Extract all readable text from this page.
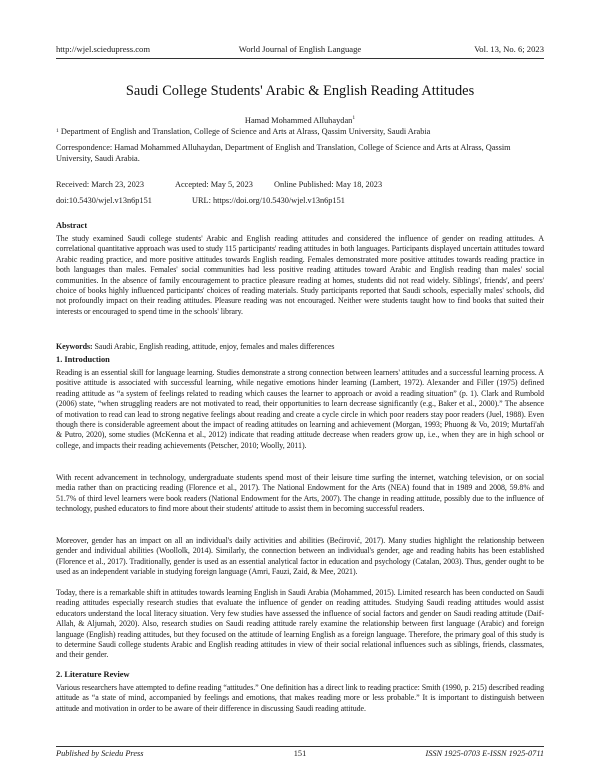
http://wjel.sciedupress.com	World Journal of English Language	Vol. 13, No. 6; 2023
Saudi College Students' Arabic & English Reading Attitudes
Hamad Mohammed Alluhaydan$^1$
$^1$ Department of English and Translation, College of Science and Arts at Alrass, Qassim University, Saudi Arabia
Correspondence: Hamad Mohammed Alluhaydan, Department of English and Translation, College of Science and Arts at Alrass, Qassim University, Saudi Arabia.
Received: March 23, 2023	Accepted: May 5, 2023	Online Published: May 18, 2023
doi:10.5430/wjel.v13n6p151	URL: https://doi.org/10.5430/wjel.v13n6p151
Abstract
The study examined Saudi college students' Arabic and English reading attitudes and considered the influence of gender on reading attitudes. A correlational quantitative approach was used to study 115 participants' reading attitudes in both languages. Participants displayed uncertain attitudes toward Arabic reading practice, and more positive attitudes towards English reading. Females demonstrated more positive attitudes towards reading practice in both languages than males. Females' social communities had less positive reading attitudes toward Arabic and English reading than males' social communities. In the absence of family encouragement to practice pleasure reading at homes, students did not read widely. Siblings', friends', and peers' choice of books highly influenced participants' choices of reading materials. Study participants reported that Saudi schools, especially males' schools, did not profoundly impact on their reading attitudes. Pleasure reading was not encouraged. Neither were students taught how to find books that suited their interests or encouraged to spend time in the schools' library.
Keywords: Saudi Arabic, English reading, attitude, enjoy, females and males differences
1. Introduction
Reading is an essential skill for language learning. Studies demonstrate a strong connection between learners' attitudes and a successful learning process. A positive attitude is associated with successful learning, while negative emotions hinder learning (Lambert, 1972). Alexander and Filler (1975) defined reading attitude as “a system of feelings related to reading which causes the learner to approach or avoid a reading situation” (p. 1). Clark and Rumbold (2006) state, “when struggling readers are not motivated to read, their opportunities to learn decrease significantly (e.g., Baker et al., 2000).” The absence of motivation to read can lead to strong negative feelings about reading and create a cycle circle in which poor readers stay poor readers (Juel, 1988). Even though there is considerable agreement about the impact of reading attitudes on learning and achievement (Morgan, 1993; Phuong & Vo, 2019; Murtafi'ah & Putro, 2020), some studies (McKenna et al., 2012) indicate that reading attitude decrease when readers grow up, i.e., when they are in high school or college, and impacts their reading achievements (Petscher, 2010; Woolly, 2011).
With recent advancement in technology, undergraduate students spend most of their leisure time surfing the internet, watching television, or on social media rather than on practicing reading (Florence et al., 2017). The National Endowment for the Arts (NEA) found that in 1989 and 2008, 59.8% and 51.7% of third level learners were book readers (National Endowment for the Arts, 2007). The change in reading attitude, possibly due to the influence of technology, pushed educators to find more about their students' attitude to assist them in becoming successful readers.
Moreover, gender has an impact on all an individual's daily activities and abilities (Bećirović, 2017). Many studies highlight the relationship between gender and individual abilities (Woollolk, 2014). Similarly, the connection between an individual's gender, age and reading habits has been established (Florence et al., 2017). Traditionally, gender is used as an essential analytical factor in education and psychology (Catalan, 2003). Thus, gender ought to be used as an independent variable in studying foreign language (Amri, Fauzi, Zaid, & Mee, 2021).
Today, there is a remarkable shift in attitudes towards learning English in Saudi Arabia (Mohammed, 2015). Limited research has been conducted on Saudi reading attitudes especially research studies that evaluate the influence of gender on reading attitudes. Studying Saudi reading attitudes would assist educators understand the local literacy situation. Very few studies have assessed the influence of social factors and gender on Saudi reading attitude (Daif-Allah, & Aljumah, 2020). Also, research studies on Saudi reading attitude rarely examine the relationship between first language (Arabic) and foreign language (English) reading attitudes, but they focused on the attitude of learning English as a foreign language. Therefore, the primary goal of this study is to determine Saudi college students Arabic and English reading attitudes in view of their social relational influences such as siblings, friends, classmates, and their gender.
2. Literature Review
Various researchers have attempted to define reading “attitudes.” One definition has a direct link to reading practice: Smith (1990, p. 215) described reading attitude as “a state of mind, accompanied by feelings and emotions, that makes reading more or less probable.” It is important to distinguish between attitude and motivation in order to be aware of their difference in discussing Saudi reading attitude.
Published by Sciedu Press	151	ISSN 1925-0703 E-ISSN 1925-0711
